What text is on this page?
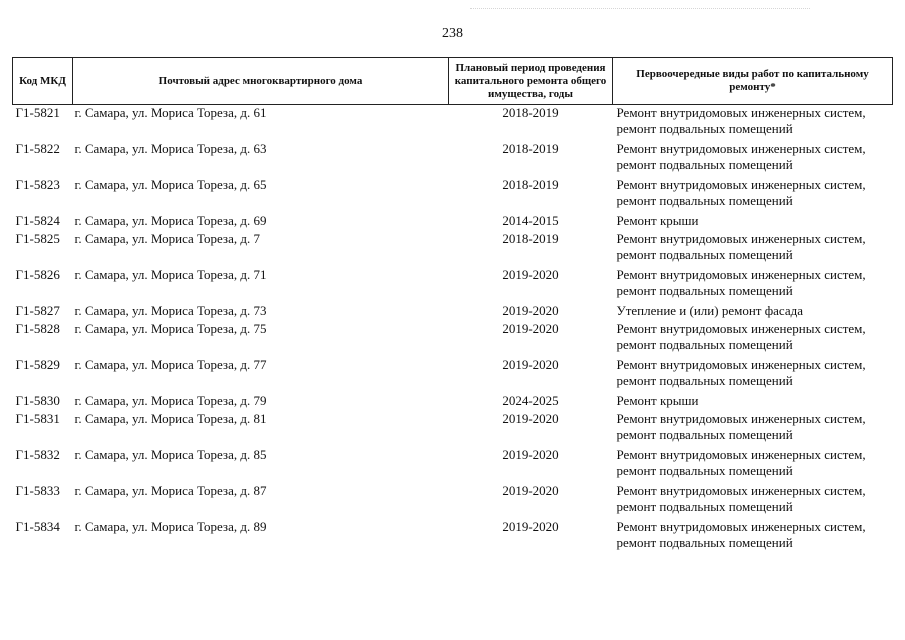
238
Код МКД	Почтовый адрес многоквартирного дома	Плановый период проведения капитального ремонта общего имущества, годы	Первоочередные виды работ по капитальному ремонту*
Г1-5821	г. Самара, ул. Мориса Тореза, д. 61	2018-2019	Ремонт внутридомовых инженерных систем, ремонт подвальных помещений
Г1-5822	г. Самара, ул. Мориса Тореза, д. 63	2018-2019	Ремонт внутридомовых инженерных систем, ремонт подвальных помещений
Г1-5823	г. Самара, ул. Мориса Тореза, д. 65	2018-2019	Ремонт внутридомовых инженерных систем, ремонт подвальных помещений
Г1-5824	г. Самара, ул. Мориса Тореза, д. 69	2014-2015	Ремонт крыши
Г1-5825	г. Самара, ул. Мориса Тореза, д. 7	2018-2019	Ремонт внутридомовых инженерных систем, ремонт подвальных помещений
Г1-5826	г. Самара, ул. Мориса Тореза, д. 71	2019-2020	Ремонт внутридомовых инженерных систем, ремонт подвальных помещений
Г1-5827	г. Самара, ул. Мориса Тореза, д. 73	2019-2020	Утепление и (или) ремонт фасада
Г1-5828	г. Самара, ул. Мориса Тореза, д. 75	2019-2020	Ремонт внутридомовых инженерных систем, ремонт подвальных помещений
Г1-5829	г. Самара, ул. Мориса Тореза, д. 77	2019-2020	Ремонт внутридомовых инженерных систем, ремонт подвальных помещений
Г1-5830	г. Самара, ул. Мориса Тореза, д. 79	2024-2025	Ремонт крыши
Г1-5831	г. Самара, ул. Мориса Тореза, д. 81	2019-2020	Ремонт внутридомовых инженерных систем, ремонт подвальных помещений
Г1-5832	г. Самара, ул. Мориса Тореза, д. 85	2019-2020	Ремонт внутридомовых инженерных систем, ремонт подвальных помещений
Г1-5833	г. Самара, ул. Мориса Тореза, д. 87	2019-2020	Ремонт внутридомовых инженерных систем, ремонт подвальных помещений
Г1-5834	г. Самара, ул. Мориса Тореза, д. 89	2019-2020	Ремонт внутридомовых инженерных систем, ремонт подвальных помещений
